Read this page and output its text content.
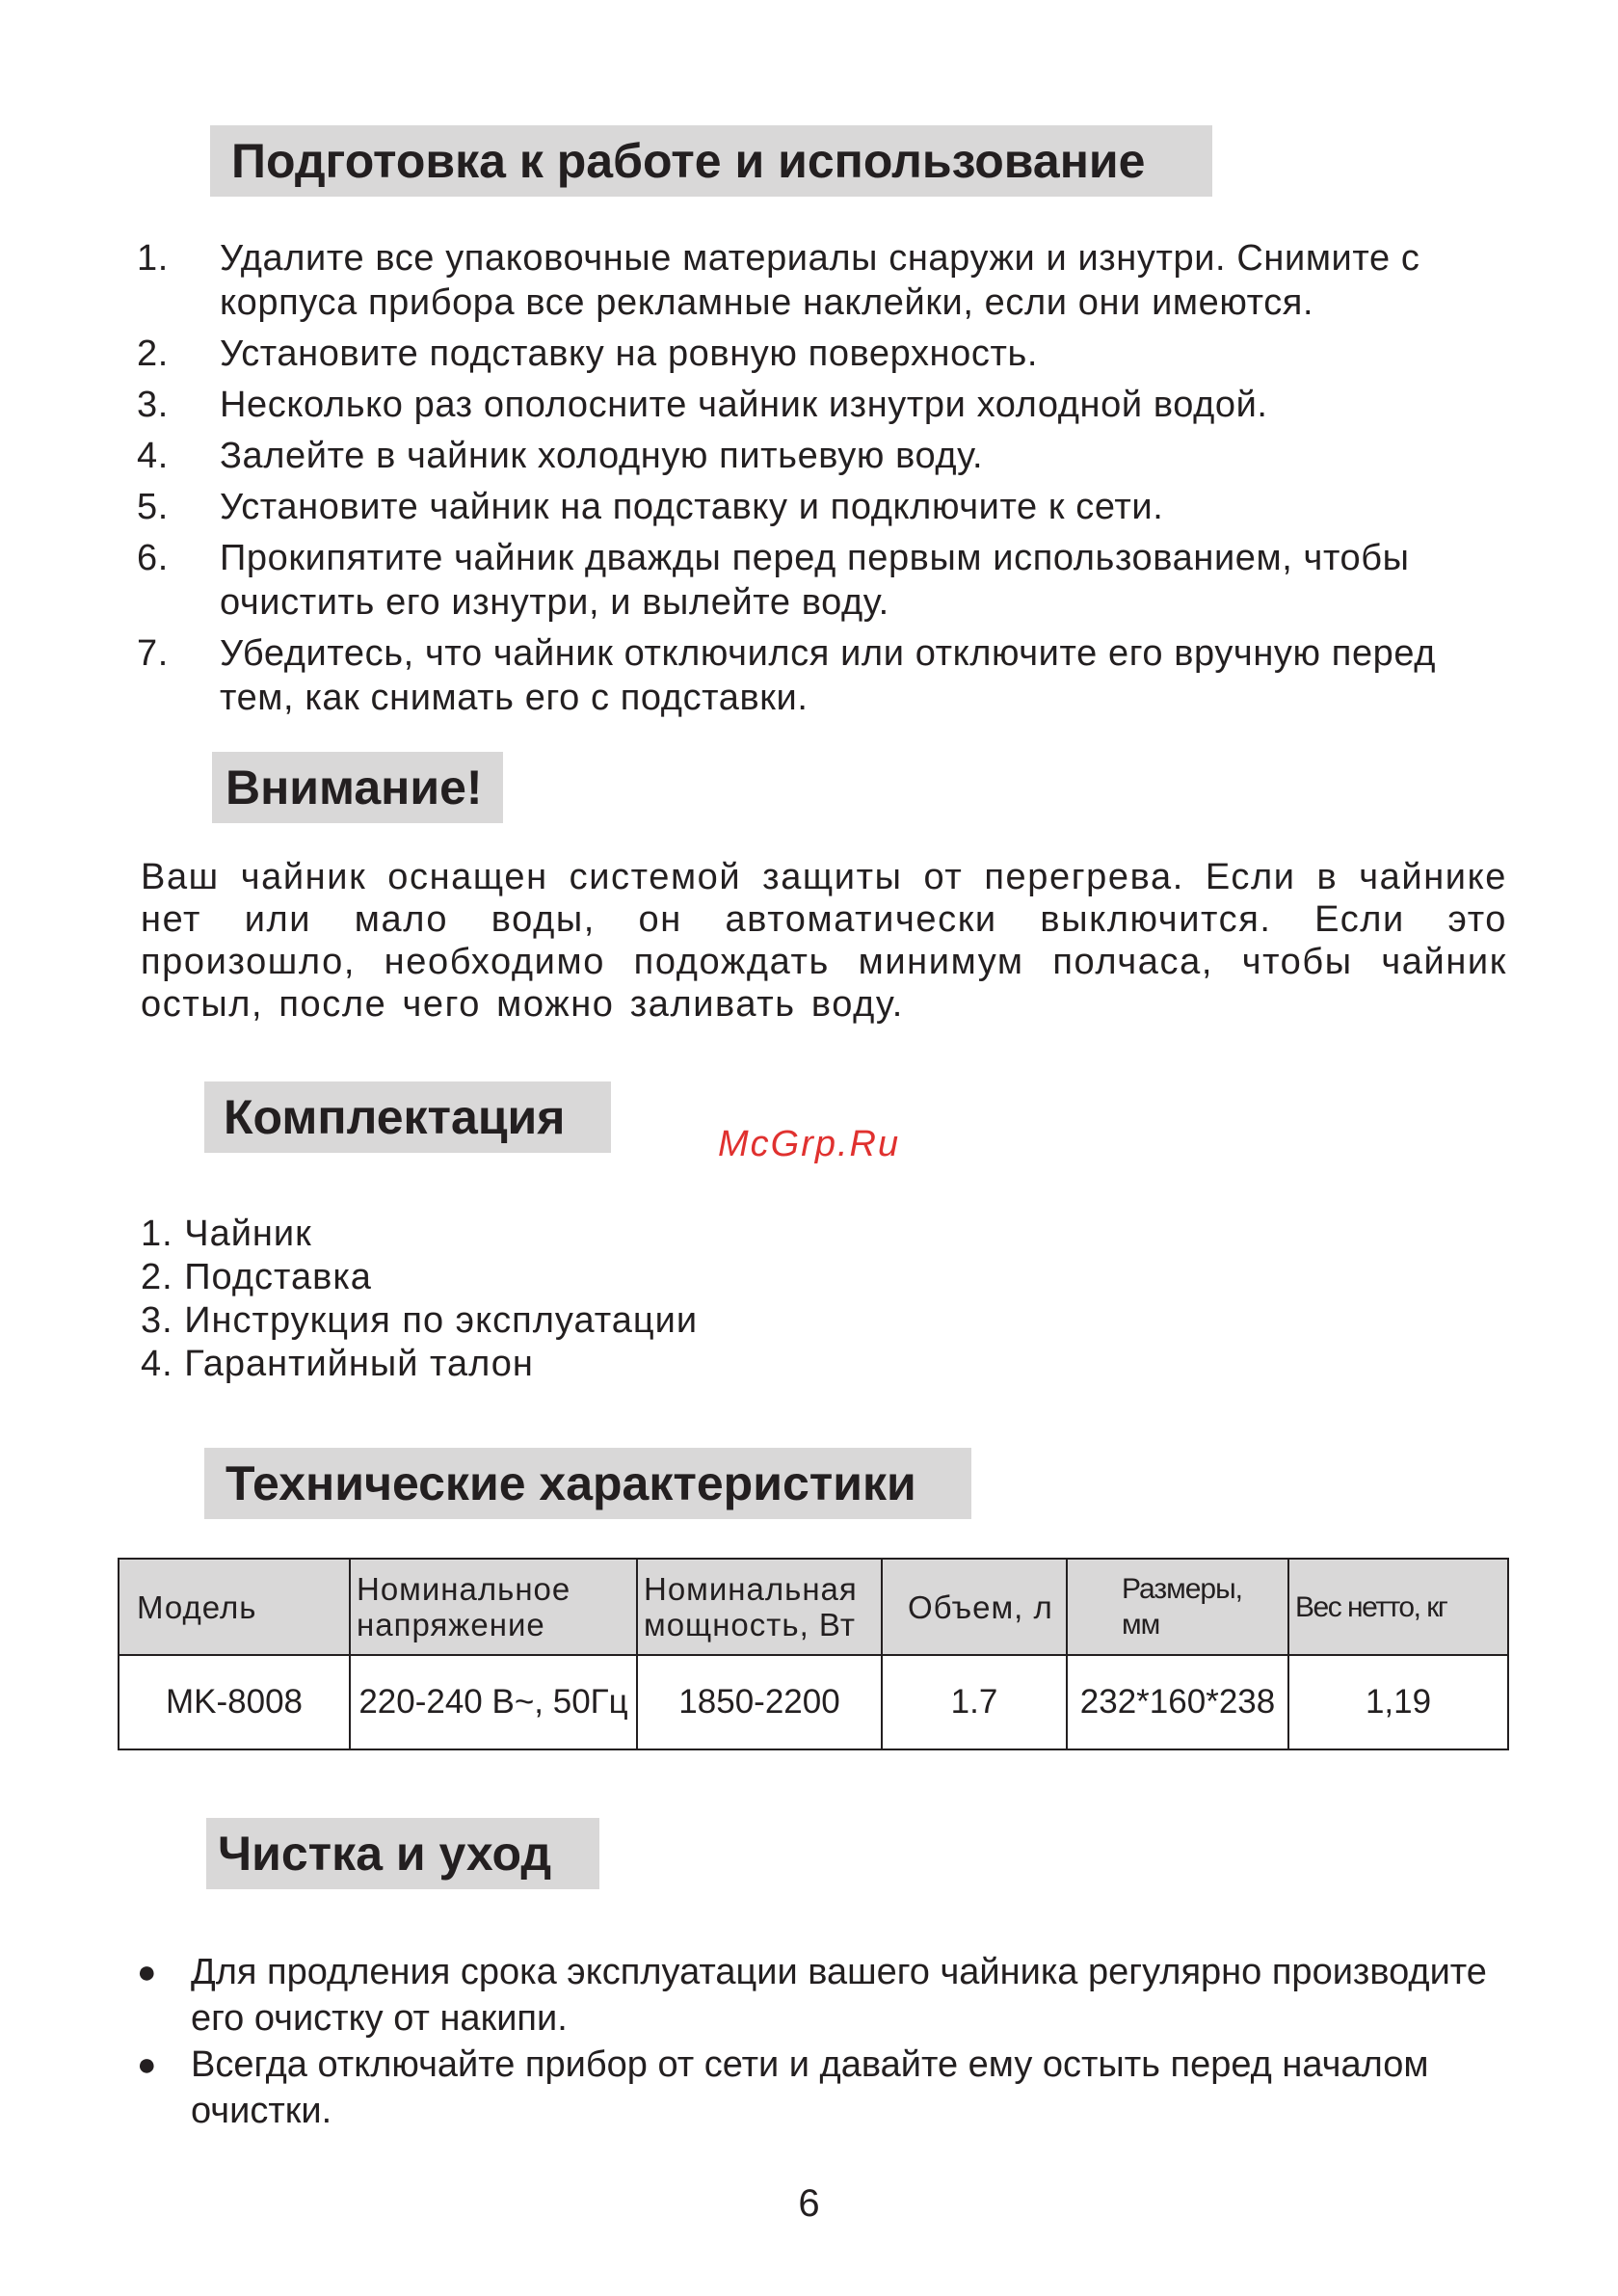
Подготовка к работе и использование
1. Удалите все упаковочные материалы снаружи и изнутри. Снимите с корпуса прибора все рекламные наклейки, если они имеются.
2. Установите подставку на ровную поверхность.
3. Несколько раз ополосните чайник изнутри холодной водой.
4. Залейте в чайник холодную питьевую воду.
5. Установите чайник на подставку и подключите к сети.
6. Прокипятите чайник дважды перед первым использованием, чтобы очистить его изнутри, и вылейте воду.
7. Убедитесь, что чайник отключился или отключите его вручную перед тем, как снимать его с подставки.
Внимание!
Ваш чайник оснащен системой защиты от перегрева. Если в чайнике нет или мало воды, он автоматически выключится. Если это произошло, необходимо подождать минимум полчаса, чтобы чайник остыл, после чего можно заливать воду.
Комплектация	McGrp.Ru
1. Чайник
2. Подставка
3. Инструкция по эксплуатации
4. Гарантийный талон
Технические характеристики
Модель	Номинальное напряжение	Номинальная мощность, Вт	Объем, л	Размеры, мм	Вес нетто, кг
MK-8008	220-240 В~, 50Гц	1850-2200	1.7	232*160*238	1,19
Чистка и уход
● Для продления срока эксплуатации вашего чайника регулярно производите его очистку от накипи.
● Всегда отключайте прибор от сети и давайте ему остыть перед началом очистки.
6
